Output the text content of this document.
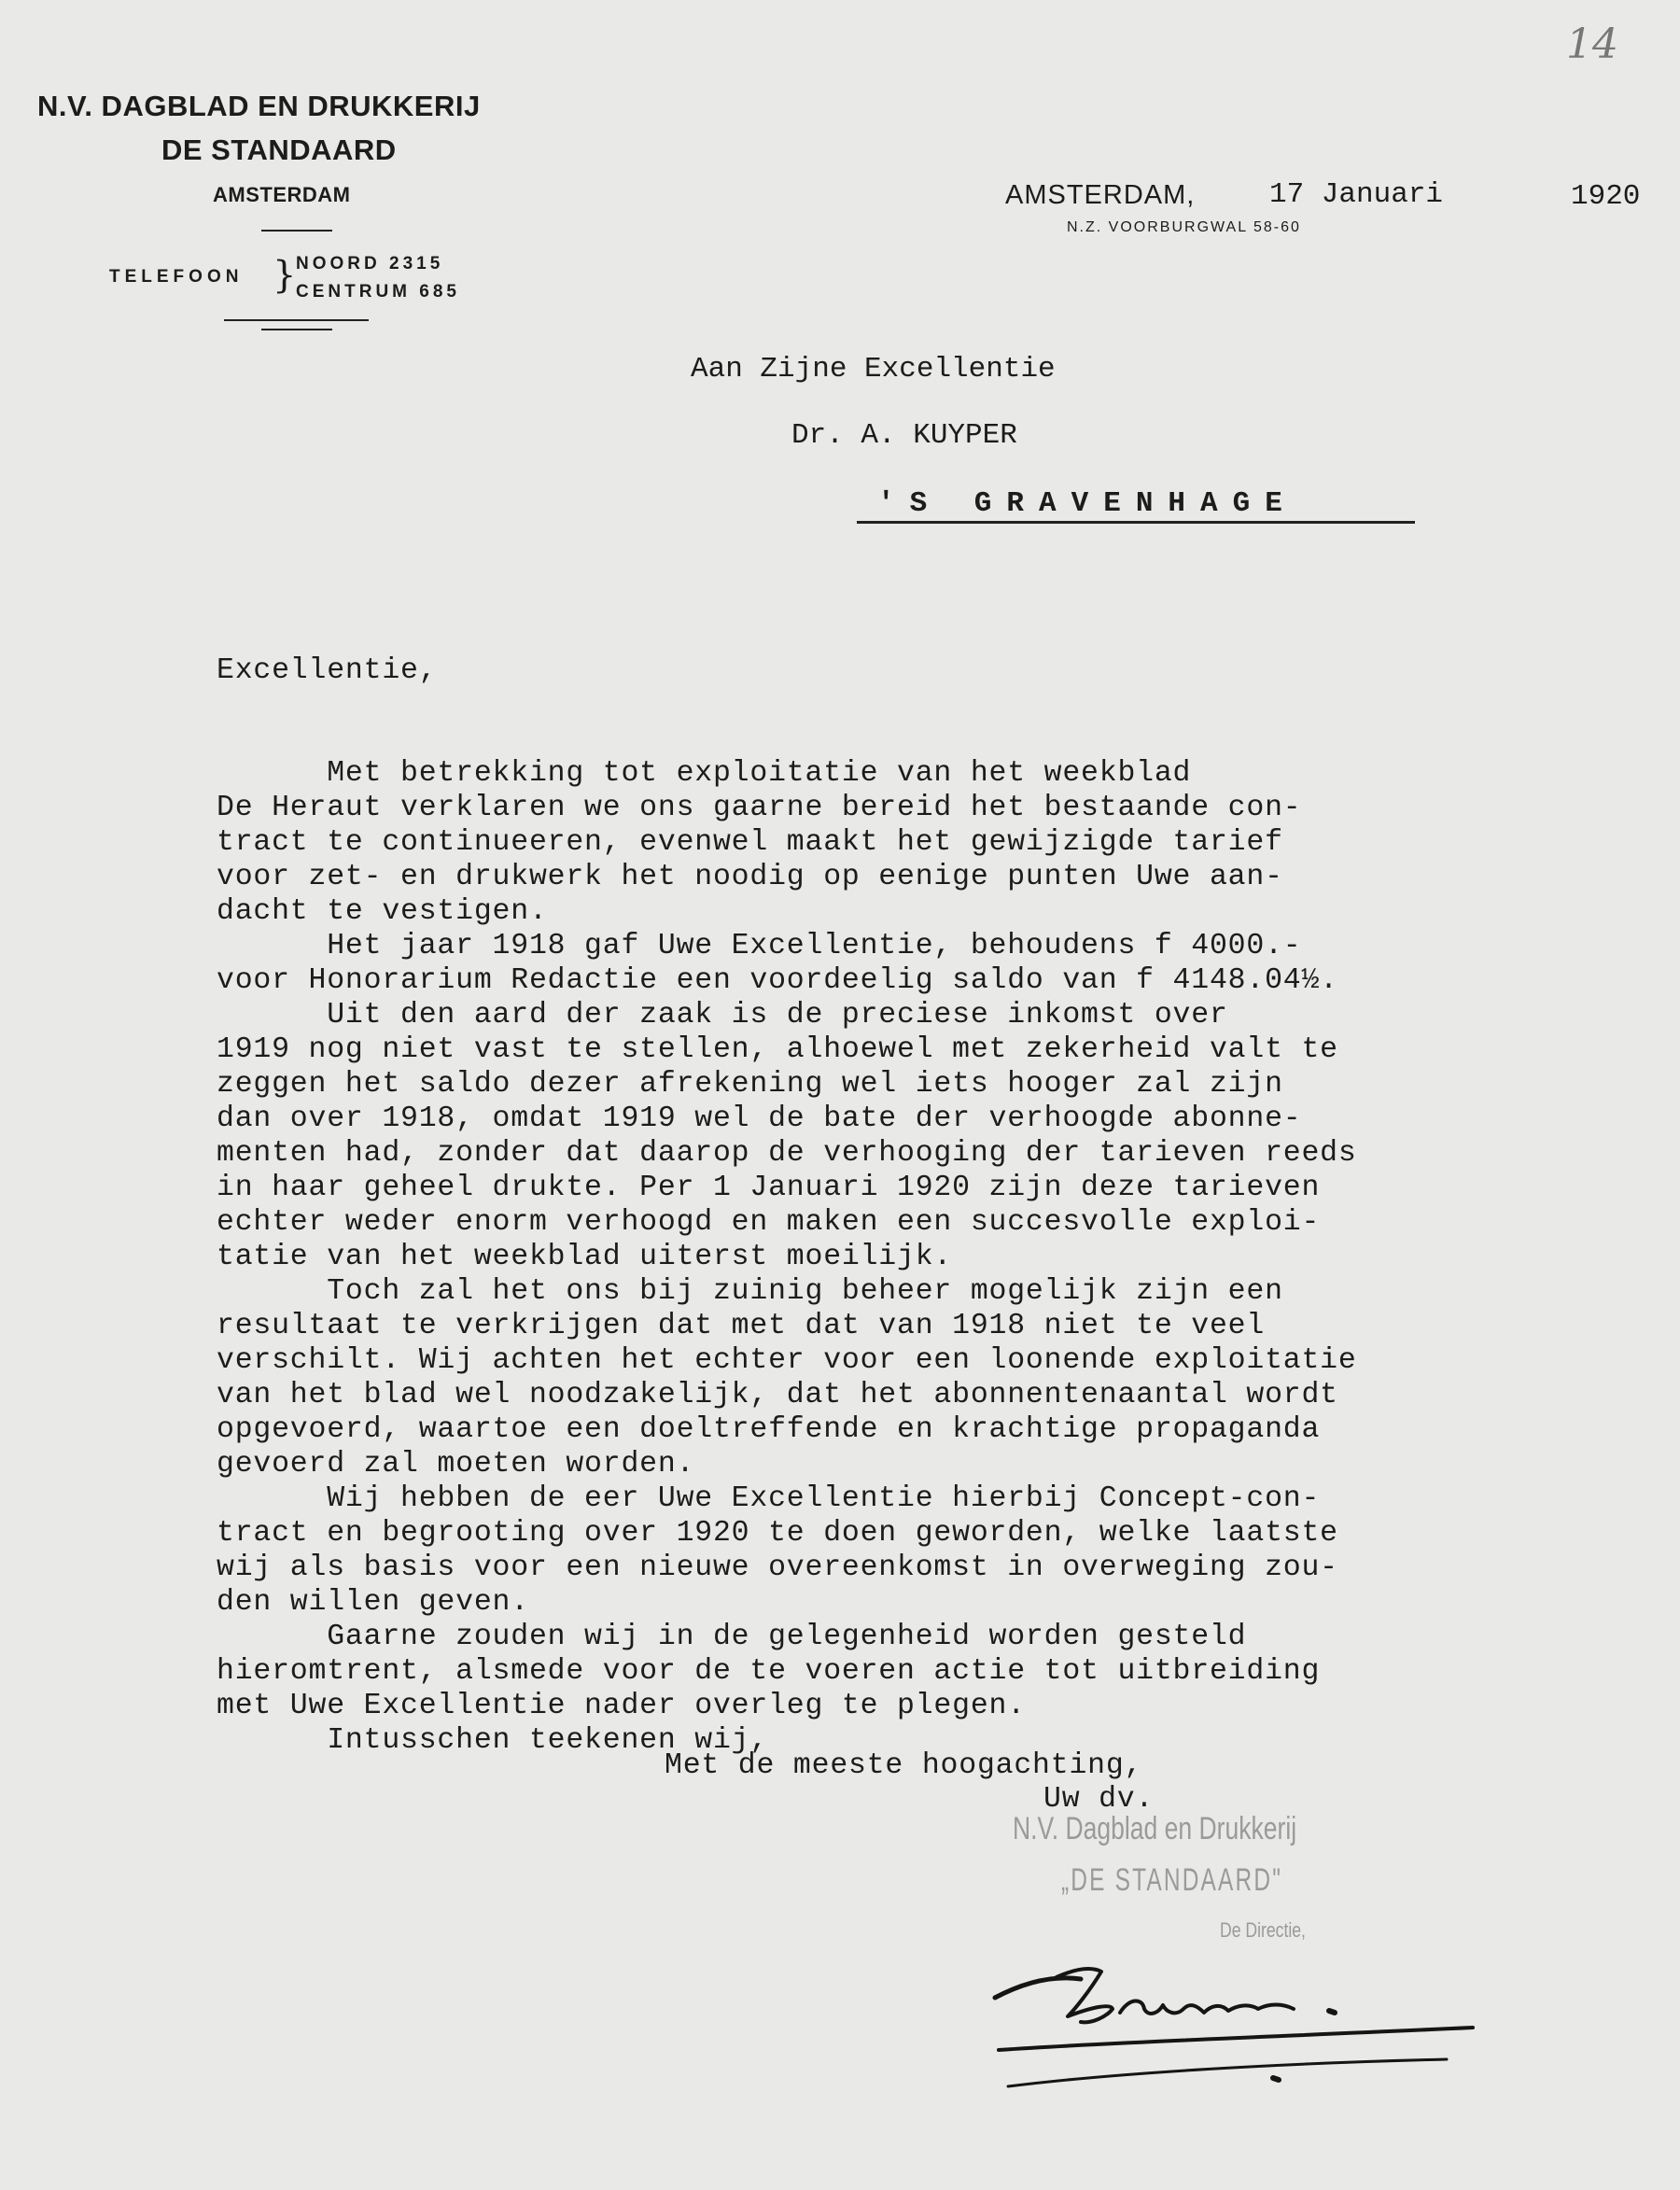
14
N.V. DAGBLAD EN DRUKKERIJ
DE STANDAARD
AMSTERDAM
TELEFOON } NOORD 2315
CENTRUM 685
AMSTERDAM,	17 Januari	1920
N.Z. VOORBURGWAL 58-60
Aan Zijne Excellentie
Dr. A. KUYPER
'S GRAVENHAGE
Excellentie,
Met betrekking tot exploitatie van het weekblad
De Heraut verklaren we ons gaarne bereid het bestaande con-
tract te continueeren, evenwel maakt het gewijzigde tarief
voor zet- en drukwerk het noodig op eenige punten Uwe aan-
dacht te vestigen.
Het jaar 1918 gaf Uwe Excellentie, behoudens f 4000.-
voor Honorarium Redactie een voordeelig saldo van f 4148.04½.
Uit den aard der zaak is de preciese inkomst over
1919 nog niet vast te stellen, alhoewel met zekerheid valt te
zeggen het saldo dezer afrekening wel iets hooger zal zijn
dan over 1918, omdat 1919 wel de bate der verhoogde abonne-
menten had, zonder dat daarop de verhooging der tarieven reeds
in haar geheel drukte. Per 1 Januari 1920 zijn deze tarieven
echter weder enorm verhoogd en maken een succesvolle exploi-
tatie van het weekblad uiterst moeilijk.
Toch zal het ons bij zuinig beheer mogelijk zijn een
resultaat te verkrijgen dat met dat van 1918 niet te veel
verschilt. Wij achten het echter voor een loonende exploitatie
van het blad wel noodzakelijk, dat het abonnentenaantal wordt
opgevoerd, waartoe een doeltreffende en krachtige propaganda
gevoerd zal moeten worden.
Wij hebben de eer Uwe Excellentie hierbij Concept-con-
tract en begrooting over 1920 te doen geworden, welke laatste
wij als basis voor een nieuwe overeenkomst in overweging zou-
den willen geven.
Gaarne zouden wij in de gelegenheid worden gesteld
hieromtrent, alsmede voor de te voeren actie tot uitbreiding
met Uwe Excellentie nader overleg te plegen.
Intusschen teekenen wij,
Met de meeste hoogachting,
Uw dv.
N.V. Dagblad en Drukkerij
„DE STANDAARD"
De Directie,
